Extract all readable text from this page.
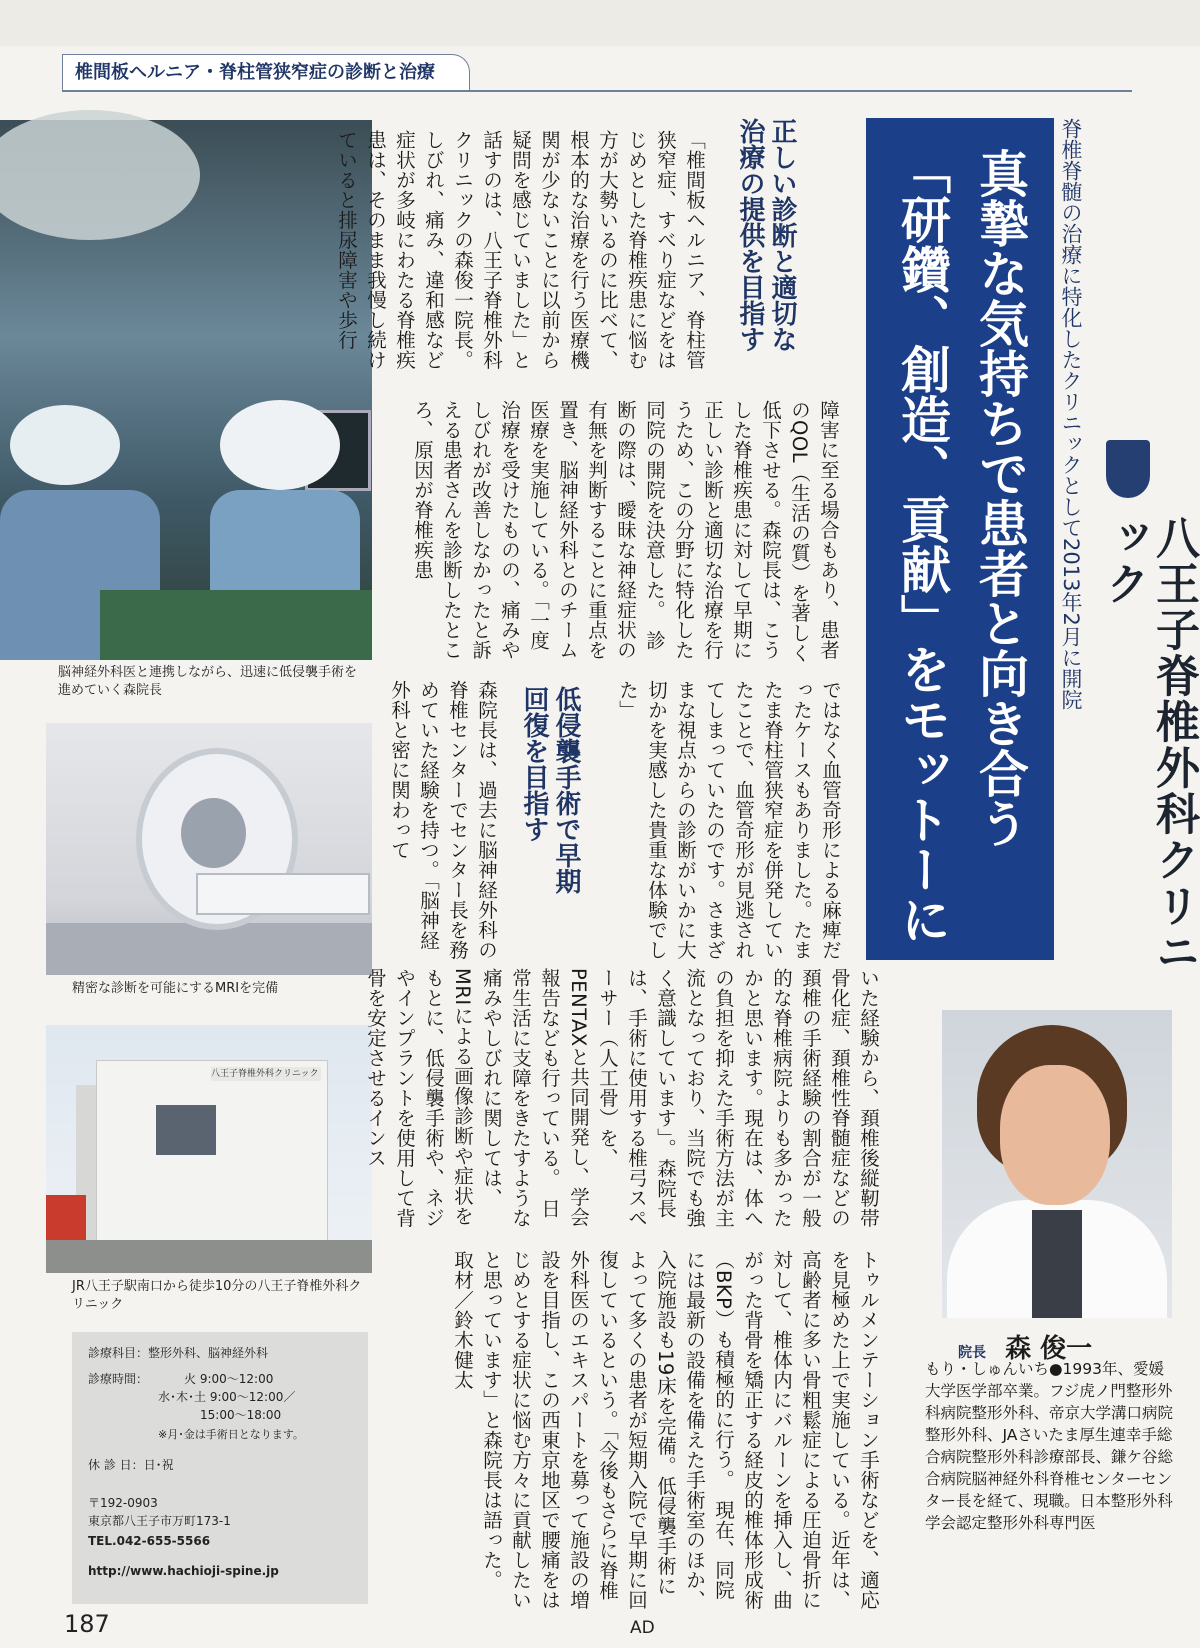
椎間板ヘルニア・脊柱管狭窄症の診断と治療
脳神経外科医と連携しながら、迅速に低侵襲手術を進めていく森院長
精密な診断を可能にするMRIを完備
八王子脊椎外科クリニック
JR八王子駅南口から徒歩10分の八王子脊椎外科クリニック
診療科目：整形外科、脳神経外科
診療時間：	火 9:00〜12:00
水･木･土 9:00〜12:00／
15:00〜18:00
※月･金は手術日となります。
休 診 日：日･祝
〒192-0903
東京都八王子市万町173-1
TEL.042-655-5566
http://www.hachioji-spine.jp
187	AD
「研鑽、創造、貢献」をモットーに 真摯な気持ちで患者と向き合う 脊椎脊髄の治療に特化したクリニックとして2013年2月に開院
八王子脊椎外科クリニック
正しい診断と適切な治療の提供を目指す
「椎間板ヘルニア、脊柱管狭窄症、すべり症などをはじめとした脊椎疾患に悩む方が大勢いるのに比べて、根本的な治療を行う医療機関が少ないことに以前から疑問を感じていました」と話すのは、八王子脊椎外科クリニックの森俊一院長。しびれ、痛み、違和感など症状が多岐にわたる脊椎疾患は、そのまま我慢し続けていると排尿障害や歩行
障害に至る場合もあり、患者のQOL（生活の質）を著しく低下させる。森院長は、こうした脊椎疾患に対して早期に正しい診断と適切な治療を行うため、この分野に特化した同院の開院を決意した。　診断の際は、曖昧な神経症状の有無を判断することに重点を置き、脳神経外科とのチーム医療を実施している。「一度治療を受けたものの、痛みやしびれが改善しなかったと訴える患者さんを診断したところ、原因が脊椎疾患
ではなく血管奇形による麻痺だったケースもありました。たまたま脊柱管狭窄症を併発していたことで、血管奇形が見逃されてしまっていたのです。さまざまな視点からの診断がいかに大切かを実感した貴重な体験でした」
低侵襲手術で早期回復を目指す
森院長は、過去に脳神経外科の脊椎センターでセンター長を務めていた経験を持つ。「脳神経外科と密に関わって
いた経験から、頚椎後縦靭帯骨化症、頚椎性脊髄症などの頚椎の手術経験の割合が一般的な脊椎病院よりも多かったかと思います。現在は、体への負担を抑えた手術方法が主流となっており、当院でも強く意識しています」。森院長は、手術に使用する椎弓スペーサー（人工骨）を、PENTAXと共同開発し、学会報告なども行っている。　日常生活に支障をきたすような痛みやしびれに関しては、MRIによる画像診断や症状をもとに、低侵襲手術や、ネジやインプラントを使用して背骨を安定させるインス
トゥルメンテーション手術などを、適応を見極めた上で実施している。近年は、高齢者に多い骨粗鬆症による圧迫骨折に対して、椎体内にバルーンを挿入し、曲がった背骨を矯正する経皮的椎体形成術（BKP）も積極的に行う。　現在、同院には最新の設備を備えた手術室のほか、入院施設も19床を完備。低侵襲手術によって多くの患者が短期入院で早期に回復しているという。「今後もさらに脊椎外科医のエキスパートを募って施設の増設を目指し、この西東京地区で腰痛をはじめとする症状に悩む方々に貢献したいと思っています」と森院長は語った。　取材／鈴木健太	院長 森 俊一
もり・しゅんいち●1993年、愛媛大学医学部卒業。フジ虎ノ門整形外科病院整形外科、帝京大学溝口病院整形外科、JAさいたま厚生連幸手総合病院整形外科診療部長、鎌ケ谷総合病院脳神経外科脊椎センターセンター長を経て、現職。日本整形外科学会認定整形外科専門医
